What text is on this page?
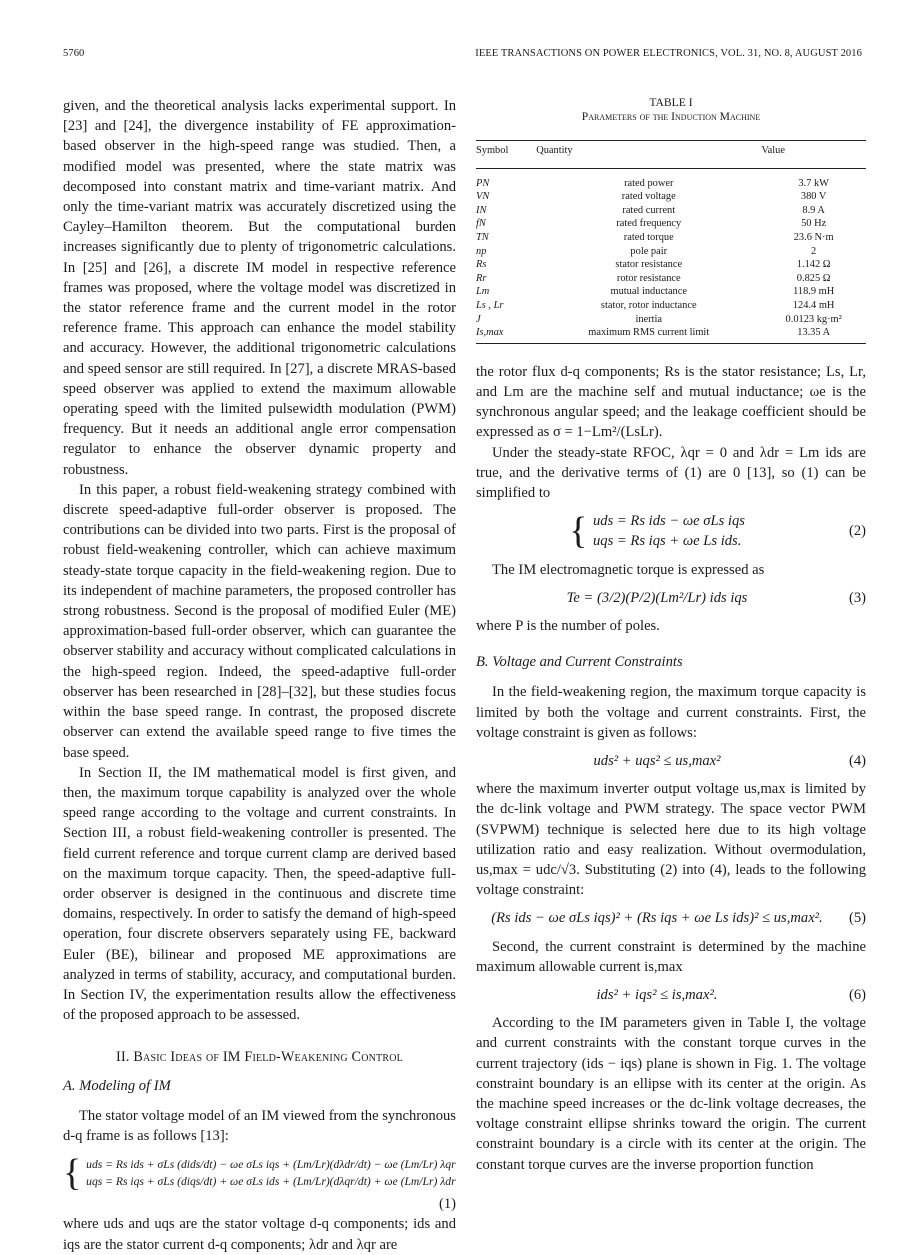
5760	IEEE TRANSACTIONS ON POWER ELECTRONICS, VOL. 31, NO. 8, AUGUST 2016

given, and the theoretical analysis lacks experimental support. In [23] and [24], the divergence instability of FE approximation-based observer in the high-speed range was studied. Then, a modified model was presented, where the state matrix was decomposed into constant matrix and time-variant matrix. And only the time-variant matrix was accurately discretized using the Cayley–Hamilton theorem. But the computational burden increases significantly due to plenty of trigonometric calculations. In [25] and [26], a discrete IM model in respective reference frames was proposed, where the voltage model was discretized in the stator reference frame and the current model in the rotor reference frame. This approach can enhance the model stability and accuracy. However, the additional trigonometric calculations and speed sensor are still required. In [27], a discrete MRAS-based speed observer was applied to extend the maximum allowable operating speed with the limited pulsewidth modulation (PWM) frequency. But it needs an additional angle error compensation regulator to enhance the observer dynamic property and robustness.

In this paper, a robust field-weakening strategy combined with discrete speed-adaptive full-order observer is proposed. The contributions can be divided into two parts. First is the proposal of robust field-weakening controller, which can achieve maximum steady-state torque capacity in the field-weakening region. Due to its independent of machine parameters, the proposed controller has strong robustness. Second is the proposal of modified Euler (ME) approximation-based full-order observer, which can guarantee the observer stability and accuracy without complicated calculations in the high-speed region. Indeed, the speed-adaptive full-order observer has been researched in [28]–[32], but these studies focus within the base speed range. In contrast, the proposed discrete observer can extend the available speed range to five times the base speed.

In Section II, the IM mathematical model is first given, and then, the maximum torque capability is analyzed over the whole speed range according to the voltage and current constraints. In Section III, a robust field-weakening controller is presented. The field current reference and torque current clamp are derived based on the maximum torque capacity. Then, the speed-adaptive full-order observer is designed in the continuous and discrete time domains, respectively. In order to satisfy the demand of high-speed operation, four discrete observers separately using FE, backward Euler (BE), bilinear and proposed ME approximations are analyzed in terms of stability, accuracy, and computational burden. In Section IV, the experimentation results allow the effectiveness of the proposed approach to be assessed.

II. Basic Ideas of IM Field-Weakening Control
A. Modeling of IM

The stator voltage model of an IM viewed from the synchronous d-q frame is as follows [13]:

{ uds = Rs ids + σLs (dids/dt) − ωe σLs iqs + (Lm/Lr)(dλdr/dt) − ωe (Lm/Lr) λqr
uqs = Rs iqs + σLs (diqs/dt) + ωe σLs ids + (Lm/Lr)(dλqr/dt) + ωe (Lm/Lr) λdr
(1)

where uds and uqs are the stator voltage d-q components; ids and iqs are the stator current d-q components; λdr and λqr are

TABLE I
Parameters of the Induction Machine

Symbol	Quantity	Value

PN	rated power	3.7 kW
VN	rated voltage	380 V
IN	rated current	8.9 A
fN	rated frequency	50 Hz
TN	rated torque	23.6 N·m
np	pole pair	2
Rs	stator resistance	1.142 Ω
Rr	rotor resistance	0.825 Ω
Lm	mutual inductance	118.9 mH
Ls , Lr	stator, rotor inductance	124.4 mH
J	inertia	0.0123 kg·m²
Is,max	maximum RMS current limit	13.35 A

the rotor flux d-q components; Rs is the stator resistance; Ls, Lr, and Lm are the machine self and mutual inductance; ωe is the synchronous angular speed; and the leakage coefficient should be expressed as σ = 1−Lm²/(LsLr).

Under the steady-state RFOC, λqr = 0 and λdr = Lm ids are true, and the derivative terms of (1) are 0 [13], so (1) can be simplified to

{ uds = Rs ids − ωe σLs iqs
uqs = Rs iqs + ωe Ls ids.
(2)

The IM electromagnetic torque is expressed as

Te = (3/2)(P/2)(Lm²/Lr) ids iqs	(3)

where P is the number of poles.

B. Voltage and Current Constraints

In the field-weakening region, the maximum torque capacity is limited by both the voltage and current constraints. First, the voltage constraint is given as follows:

uds² + uqs² ≤ us,max²	(4)

where the maximum inverter output voltage us,max is limited by the dc-link voltage and PWM strategy. The space vector PWM (SVPWM) technique is selected here due to its high voltage utilization ratio and easy realization. Without overmodulation, us,max = udc/√3. Substituting (2) into (4), leads to the following voltage constraint:

(Rs ids − ωe σLs iqs)² + (Rs iqs + ωe Ls ids)² ≤ us,max².	(5)

Second, the current constraint is determined by the machine maximum allowable current is,max

ids² + iqs² ≤ is,max².	(6)

According to the IM parameters given in Table I, the voltage and current constraints with the constant torque curves in the current trajectory (ids − iqs) plane is shown in Fig. 1. The voltage constraint boundary is an ellipse with its center at the origin. As the machine speed increases or the dc-link voltage decreases, the voltage constraint ellipse shrinks toward the origin. The current constraint boundary is a circle with its center at the origin. The constant torque curves are the inverse proportion function
